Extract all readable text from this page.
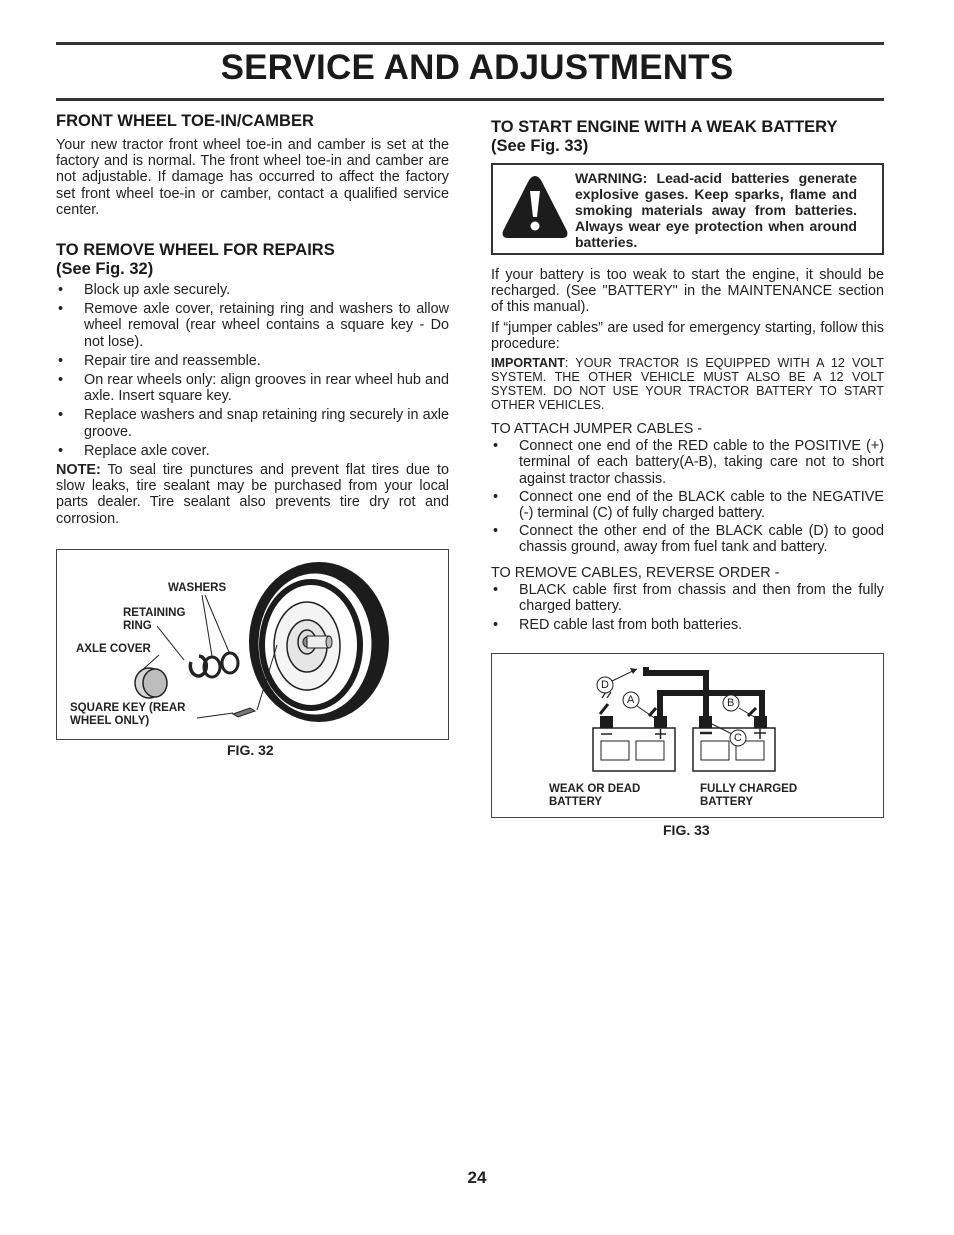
SERVICE AND ADJUSTMENTS
FRONT WHEEL TOE-IN/CAMBER

Your new tractor front wheel toe-in and camber is set at the factory and is normal. The front wheel toe-in and camber are not adjustable. If damage has occurred to affect the factory set front wheel toe-in or camber, contact a qualified service center.

TO REMOVE WHEEL FOR REPAIRS
(See Fig. 32)
• Block up axle securely.
• Remove axle cover, retaining ring and washers to allow wheel removal (rear wheel contains a square key - Do not lose).
• Repair tire and reassemble.
• On rear wheels only: align grooves in rear wheel hub and axle. Insert square key.
• Replace washers and snap retaining ring securely in axle groove.
• Replace axle cover.

NOTE: To seal tire punctures and prevent flat tires due to slow leaks, tire sealant may be purchased from your local parts dealer. Tire sealant also prevents tire dry rot and corrosion.

WASHERS
RETAINING
RING
AXLE COVER
SQUARE KEY (REAR
WHEEL ONLY)
FIG. 32
TO START ENGINE WITH A WEAK BATTERY
(See Fig. 33)
WARNING: Lead-acid batteries generate explosive gases. Keep sparks, flame and smoking materials away from batteries. Always wear eye protection when around batteries.

If your battery is too weak to start the engine, it should be recharged. (See "BATTERY" in the MAINTENANCE section of this manual).

If “jumper cables” are used for emergency starting, follow this procedure:

IMPORTANT: YOUR TRACTOR IS EQUIPPED WITH A 12 VOLT SYSTEM. THE OTHER VEHICLE MUST ALSO BE A 12 VOLT SYSTEM. DO NOT USE YOUR TRACTOR BATTERY TO START OTHER VEHICLES.

TO ATTACH JUMPER CABLES -

• Connect one end of the RED cable to the POSITIVE (+) terminal of each battery(A-B), taking care not to short against tractor chassis.
• Connect one end of the BLACK cable to the NEGATIVE (-) terminal (C) of fully charged battery.
• Connect the other end of the BLACK cable (D) to good chassis ground, away from fuel tank and battery.

TO REMOVE CABLES, REVERSE ORDER -

• BLACK cable first from chassis and then from the fully charged battery.
• RED cable last from both batteries.
D
A	B
C
WEAK OR DEAD
BATTERY
FULLY CHARGED
BATTERY
FIG. 33
24
